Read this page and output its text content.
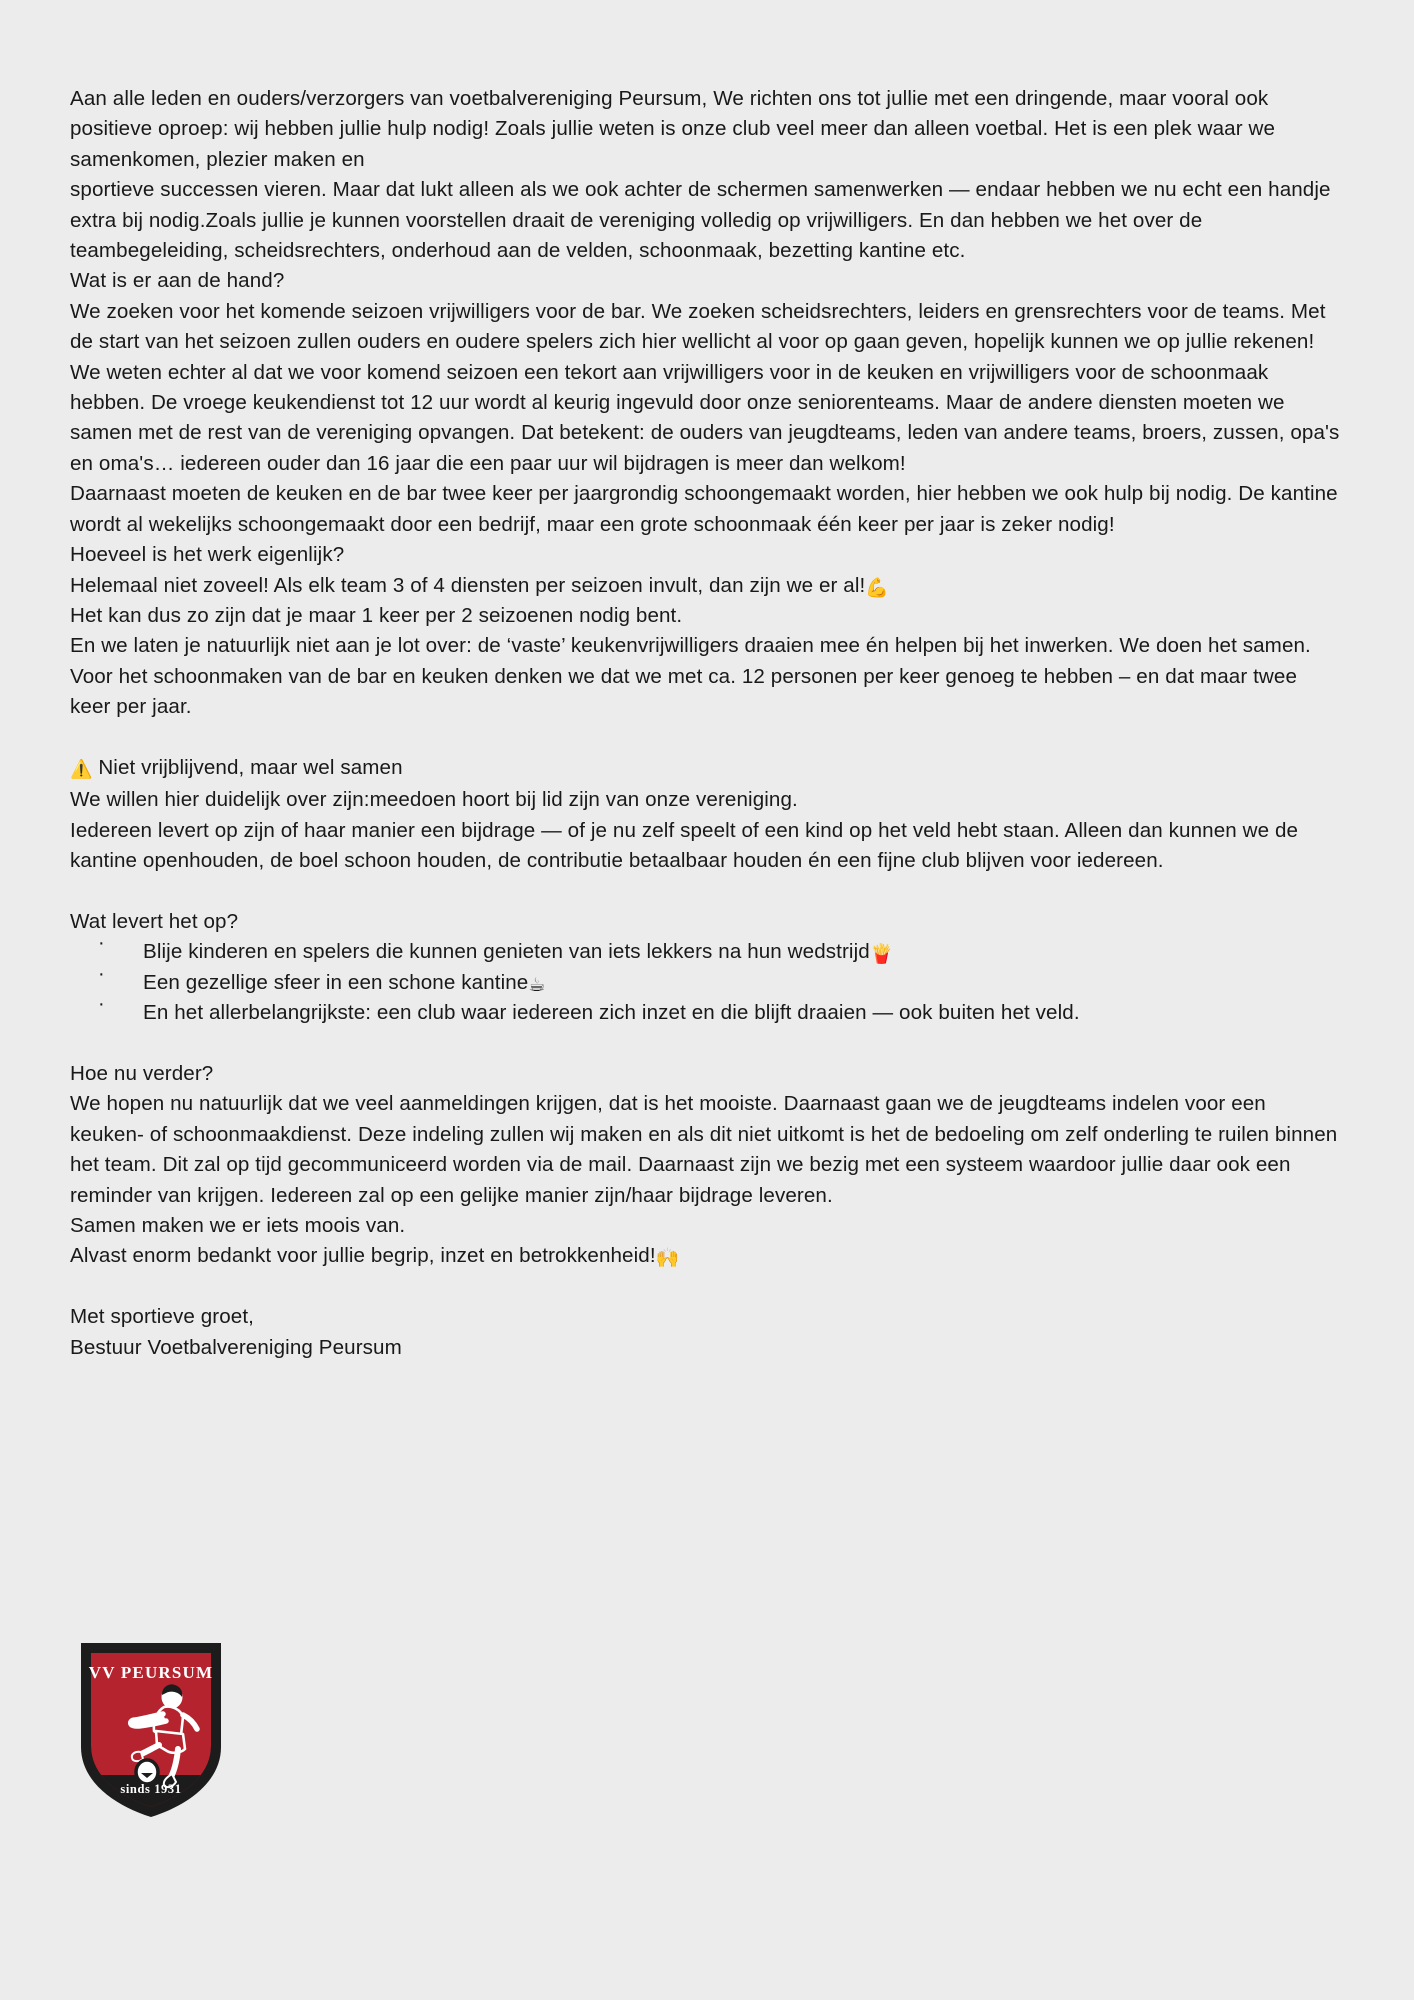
Aan alle leden en ouders/verzorgers van voetbalvereniging Peursum, We richten ons tot jullie met een dringende, maar vooral ook positieve oproep: wij hebben jullie hulp nodig! Zoals jullie weten is onze club veel meer dan alleen voetbal. Het is een plek waar we samenkomen, plezier maken en

sportieve successen vieren. Maar dat lukt alleen als we ook achter de schermen samenwerken — endaar hebben we nu echt een handje extra bij nodig.Zoals jullie je kunnen voorstellen draait de vereniging volledig op vrijwilligers. En dan hebben we het over de teambegeleiding, scheidsrechters, onderhoud aan de velden, schoonmaak, bezetting kantine etc.

Wat is er aan de hand?

We zoeken voor het komende seizoen vrijwilligers voor de bar. We zoeken scheidsrechters, leiders en grensrechters voor de teams. Met de start van het seizoen zullen ouders en oudere spelers zich hier wellicht al voor op gaan geven, hopelijk kunnen we op jullie rekenen!

We weten echter al dat we voor komend seizoen een tekort aan vrijwilligers voor in de keuken en vrijwilligers voor de schoonmaak hebben. De vroege keukendienst tot 12 uur wordt al keurig ingevuld door onze seniorenteams. Maar de andere diensten moeten we samen met de rest van de vereniging opvangen. Dat betekent: de ouders van jeugdteams, leden van andere teams, broers, zussen, opa's en oma's… iedereen ouder dan 16 jaar die een paar uur wil bijdragen is meer dan welkom!

Daarnaast moeten de keuken en de bar twee keer per jaargrondig schoongemaakt worden, hier hebben we ook hulp bij nodig. De kantine wordt al wekelijks schoongemaakt door een bedrijf, maar een grote schoonmaak één keer per jaar is zeker nodig!

Hoeveel is het werk eigenlijk?

Helemaal niet zoveel! Als elk team 3 of 4 diensten per seizoen invult, dan zijn we er al!💪

Het kan dus zo zijn dat je maar 1 keer per 2 seizoenen nodig bent.

En we laten je natuurlijk niet aan je lot over: de ‘vaste’ keukenvrijwilligers draaien mee én helpen bij het inwerken. We doen het samen. Voor het schoonmaken van de bar en keuken denken we dat we met ca. 12 personen per keer genoeg te hebben – en dat maar twee keer per jaar.

⚠️ Niet vrijblijvend, maar wel samen

We willen hier duidelijk over zijn:meedoen hoort bij lid zijn van onze vereniging.

Iedereen levert op zijn of haar manier een bijdrage — of je nu zelf speelt of een kind op het veld hebt staan. Alleen dan kunnen we de kantine openhouden, de boel schoon houden, de contributie betaalbaar houden én een fijne club blijven voor iedereen.

Wat levert het op?

· Blije kinderen en spelers die kunnen genieten van iets lekkers na hun wedstrijd🍟
· Een gezellige sfeer in een schone kantine☕
· En het allerbelangrijkste: een club waar iedereen zich inzet en die blijft draaien — ook buiten het veld.

Hoe nu verder?

We hopen nu natuurlijk dat we veel aanmeldingen krijgen, dat is het mooiste. Daarnaast gaan we de jeugdteams indelen voor een keuken- of schoonmaakdienst. Deze indeling zullen wij maken en als dit niet uitkomt is het de bedoeling om zelf onderling te ruilen binnen het team. Dit zal op tijd gecommuniceerd worden via de mail. Daarnaast zijn we bezig met een systeem waardoor jullie daar ook een reminder van krijgen. Iedereen zal op een gelijke manier zijn/haar bijdrage leveren.

Samen maken we er iets moois van.

Alvast enorm bedankt voor jullie begrip, inzet en betrokkenheid!🙌

Met sportieve groet,

Bestuur Voetbalvereniging Peursum

VV PEURSUM
sinds 1931
